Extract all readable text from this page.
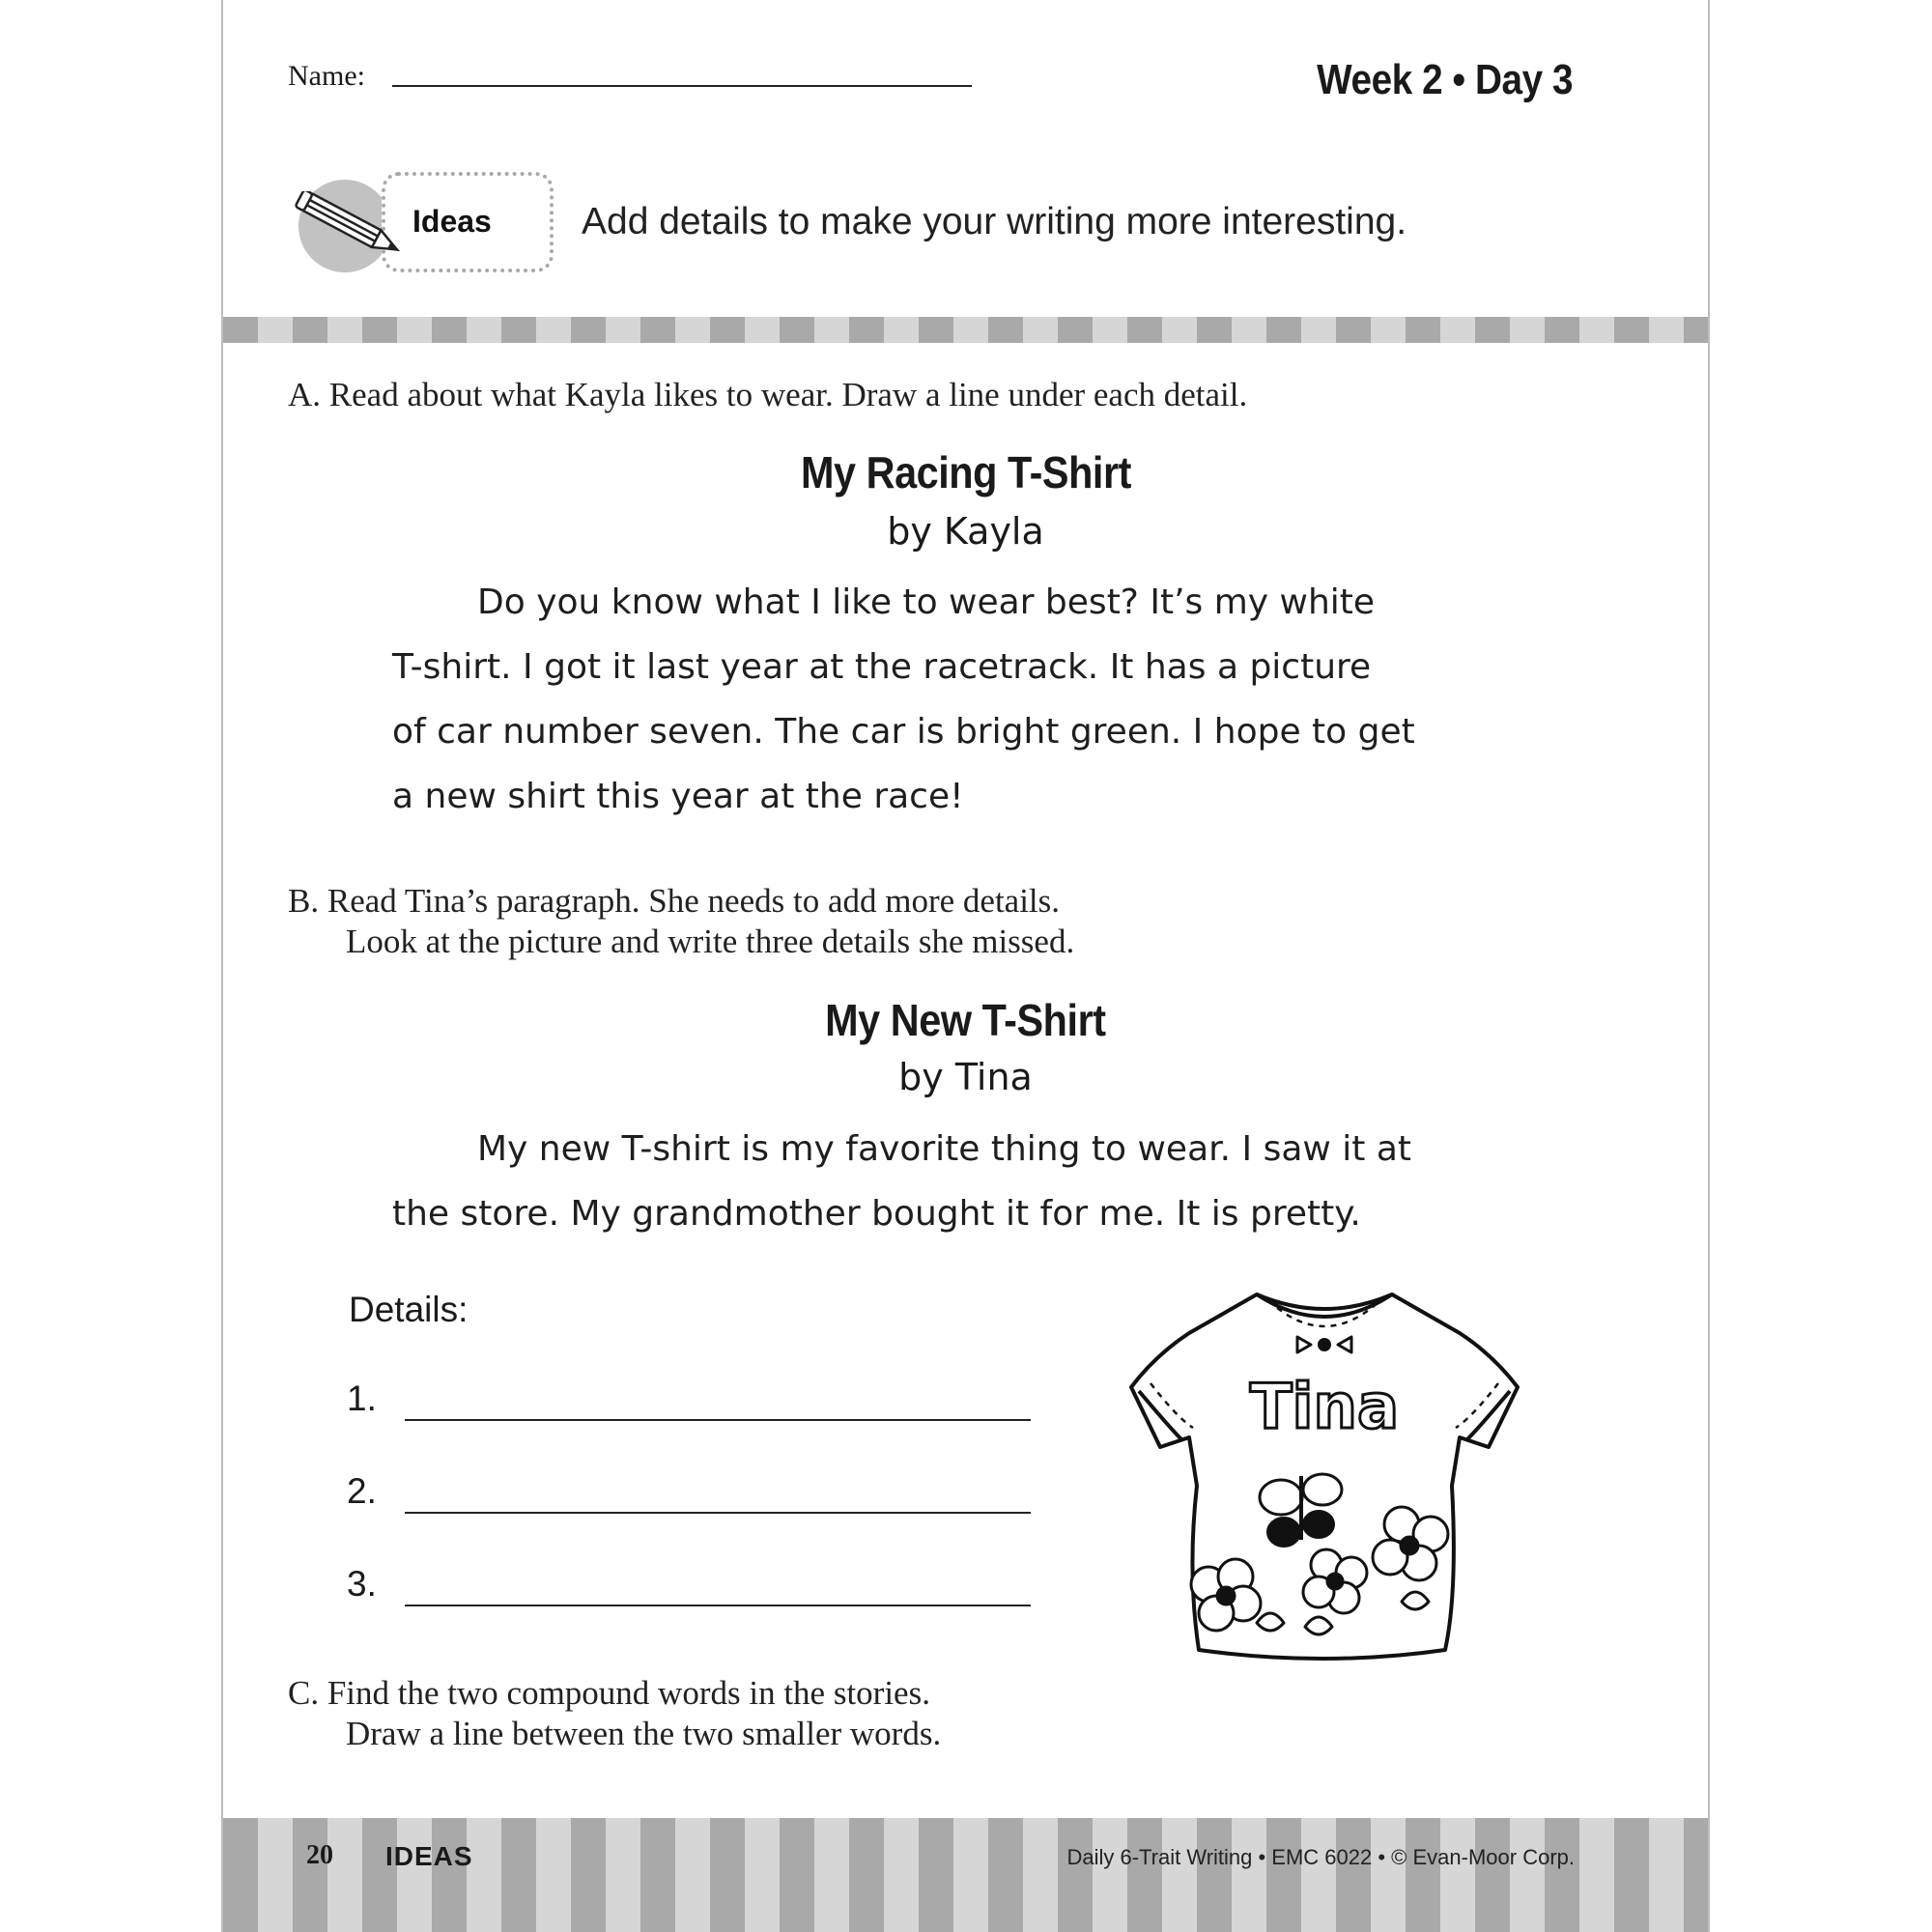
Name:	Week 2 • Day 3
Ideas Add details to make your writing more interesting.
A. Read about what Kayla likes to wear. Draw a line under each detail.
My Racing T-Shirt
by Kayla
Do you know what I like to wear best? It’s my white
T-shirt. I got it last year at the racetrack. It has a picture
of car number seven. The car is bright green. I hope to get
a new shirt this year at the race!
B. Read Tina’s paragraph. She needs to add more details.
Look at the picture and write three details she missed.
My New T-Shirt
by Tina
My new T-shirt is my favorite thing to wear. I saw it at
the store. My grandmother bought it for me. It is pretty.
Details:
1.
2.
3.
Tina
C. Find the two compound words in the stories.
Draw a line between the two smaller words.
20 IDEAS	Daily 6-Trait Writing • EMC 6022 • © Evan-Moor Corp.
